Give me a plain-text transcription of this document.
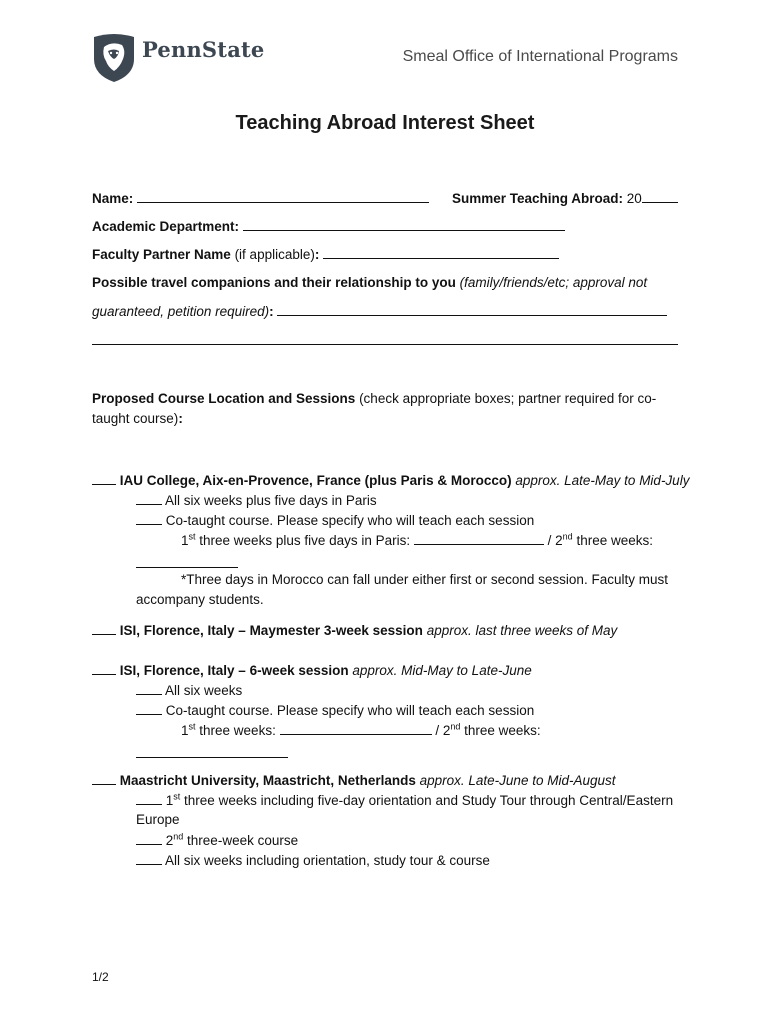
PennState	Smeal Office of International Programs
Teaching Abroad Interest Sheet
Name:	Summer Teaching Abroad: 20
Academic Department:
Faculty Partner Name (if applicable):
Possible travel companions and their relationship to you (family/friends/etc; approval not
guaranteed, petition required):
Proposed Course Location and Sessions (check appropriate boxes; partner required for co-
taught course):
IAU College, Aix-en-Provence, France (plus Paris & Morocco) approx. Late-May to Mid-July
All six weeks plus five days in Paris
Co-taught course. Please specify who will teach each session
1st three weeks plus five days in Paris:	/ 2nd three weeks:
*Three days in Morocco can fall under either first or second session. Faculty must
accompany students.
ISI, Florence, Italy – Maymester 3-week session approx. last three weeks of May
ISI, Florence, Italy – 6-week session approx. Mid-May to Late-June
All six weeks
Co-taught course. Please specify who will teach each session
1st three weeks:	/ 2nd three weeks:
Maastricht University, Maastricht, Netherlands approx. Late-June to Mid-August
1st three weeks including five-day orientation and Study Tour through Central/Eastern
Europe
2nd three-week course
All six weeks including orientation, study tour & course
1/2
